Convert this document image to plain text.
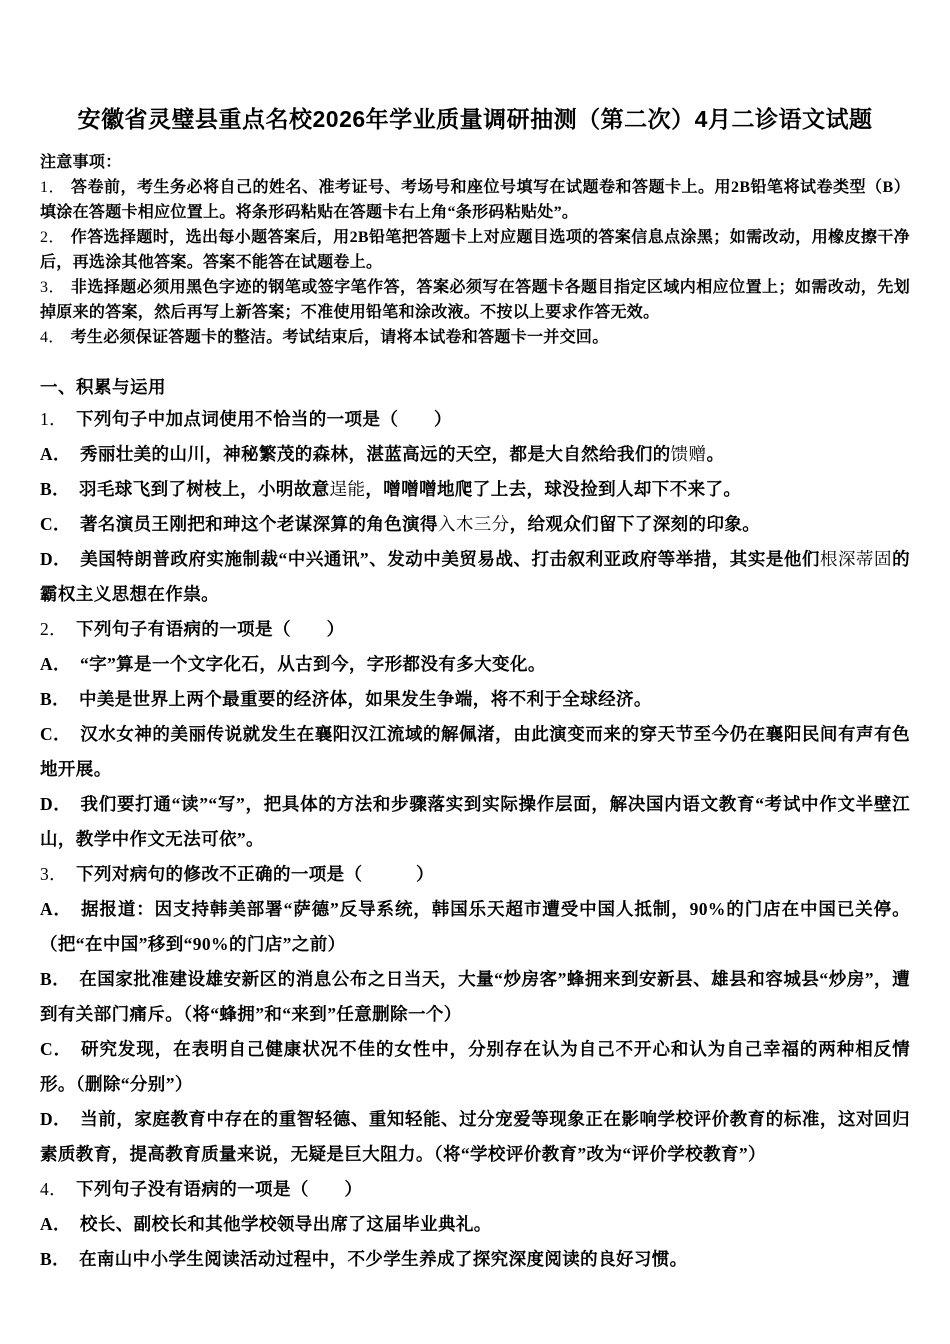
安徽省灵璧县重点名校2026年学业质量调研抽测（第二次）4月二诊语文试题

注意事项：

1． 答卷前，考生务必将自己的姓名、准考证号、考场号和座位号填写在试题卷和答题卡上。用2B铅笔将试卷类型（B）填涂在答题卡相应位置上。将条形码粘贴在答题卡右上角“条形码粘贴处”。

2． 作答选择题时，选出每小题答案后，用2B铅笔把答题卡上对应题目选项的答案信息点涂黑；如需改动，用橡皮擦干净后，再选涂其他答案。答案不能答在试题卷上。

3． 非选择题必须用黑色字迹的钢笔或签字笔作答，答案必须写在答题卡各题目指定区域内相应位置上；如需改动，先划掉原来的答案，然后再写上新答案；不准使用铅笔和涂改液。不按以上要求作答无效。

4． 考生必须保证答题卡的整洁。考试结束后，请将本试卷和答题卡一并交回。

一、积累与运用

1． 下列句子中加点词使用不恰当的一项是（　　）

A． 秀丽壮美的山川，神秘繁茂的森林，湛蓝高远的天空，都是大自然给我们的馈赠。

B． 羽毛球飞到了树枝上，小明故意逞能，噌噌噌地爬了上去，球没捡到人却下不来了。

C． 著名演员王刚把和珅这个老谋深算的角色演得入木三分，给观众们留下了深刻的印象。

D． 美国特朗普政府实施制裁“中兴通讯”、发动中美贸易战、打击叙利亚政府等举措，其实是他们根深蒂固的霸权主义思想在作祟。

2． 下列句子有语病的一项是（　　）

A． “字”算是一个文字化石，从古到今，字形都没有多大变化。

B． 中美是世界上两个最重要的经济体，如果发生争端，将不利于全球经济。

C． 汉水女神的美丽传说就发生在襄阳汉江流域的解佩渚，由此演变而来的穿天节至今仍在襄阳民间有声有色地开展。

D． 我们要打通“读”“写”，把具体的方法和步骤落实到实际操作层面，解决国内语文教育“考试中作文半壁江山，教学中作文无法可依”。

3． 下列对病句的修改不正确的一项是（　　　）

A． 据报道：因支持韩美部署“萨德”反导系统，韩国乐天超市遭受中国人抵制，90%的门店在中国已关停。（把“在中国”移到“90%的门店”之前）

B． 在国家批准建设雄安新区的消息公布之日当天，大量“炒房客”蜂拥来到安新县、雄县和容城县“炒房”，遭到有关部门痛斥。（将“蜂拥”和“来到”任意删除一个）

C． 研究发现，在表明自己健康状况不佳的女性中，分别存在认为自己不开心和认为自己幸福的两种相反情形。（删除“分别”）

D． 当前，家庭教育中存在的重智轻德、重知轻能、过分宠爱等现象正在影响学校评价教育的标准，这对回归素质教育，提高教育质量来说，无疑是巨大阻力。（将“学校评价教育”改为“评价学校教育”）

4． 下列句子没有语病的一项是（　　）

A． 校长、副校长和其他学校领导出席了这届毕业典礼。

B． 在南山中小学生阅读活动过程中，不少学生养成了探究深度阅读的良好习惯。
